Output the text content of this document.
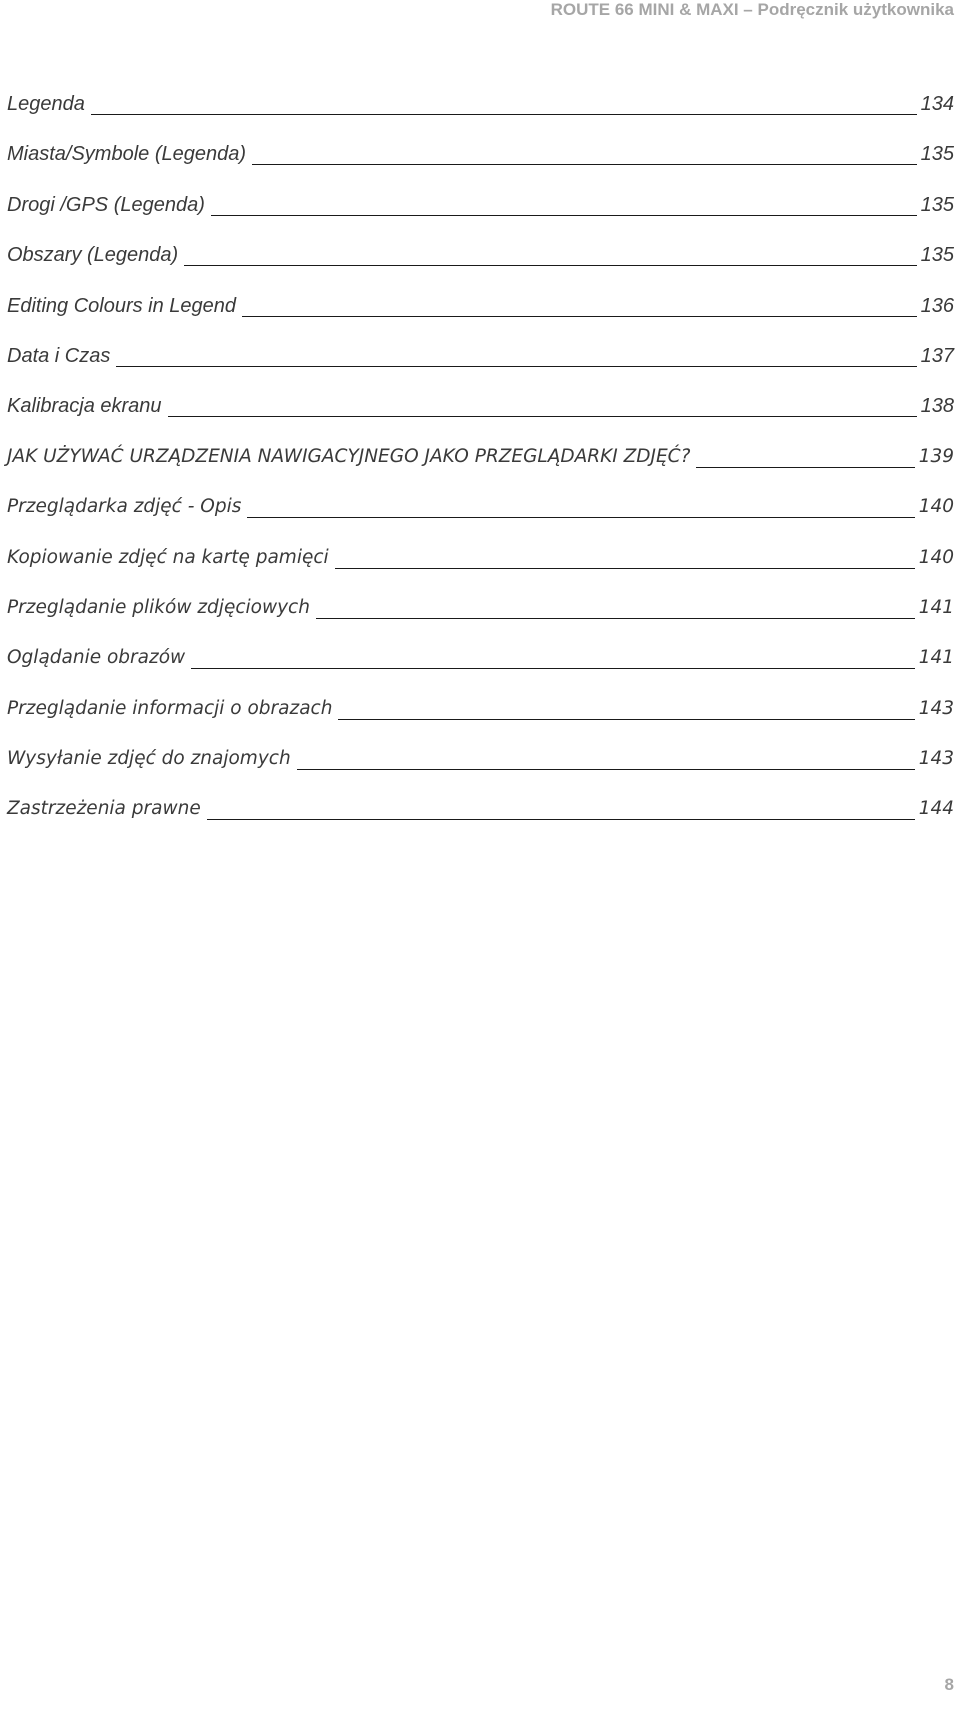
ROUTE 66 MINI & MAXI – Podręcznik użytkownika
Legenda	134
Miasta/Symbole (Legenda)	135
Drogi /GPS (Legenda)	135
Obszary (Legenda)	135
Editing Colours in Legend	136
Data i Czas	137
Kalibracja ekranu	138
JAK UŻYWAĆ URZĄDZENIA NAWIGACYJNEGO JAKO PRZEGLĄDARKI ZDJĘĆ?	139
Przeglądarka zdjęć - Opis	140
Kopiowanie zdjęć na kartę pamięci	140
Przeglądanie plików zdjęciowych	141
Oglądanie obrazów	141
Przeglądanie informacji o obrazach	143
Wysyłanie zdjęć do znajomych	143
Zastrzeżenia prawne	144
8
